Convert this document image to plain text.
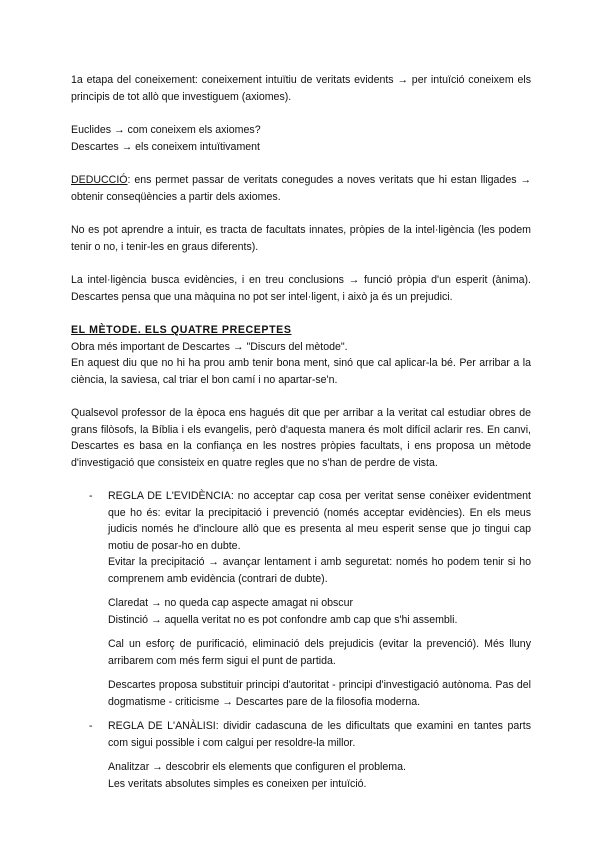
1a etapa del coneixement: coneixement intuïtiu de veritats evidents → per intuïció coneixem els principis de tot allò que investiguem (axiomes).

Euclides → com coneixem els axiomes?

Descartes → els coneixem intuïtivament

DEDUCCIÓ: ens permet passar de veritats conegudes a noves veritats que hi estan lligades → obtenir conseqüències a partir dels axiomes.

No es pot aprendre a intuir, es tracta de facultats innates, pròpies de la intel·ligència (les podem tenir o no, i tenir-les en graus diferents).

La intel·ligència busca evidències, i en treu conclusions → funció pròpia d'un esperit (ànima). Descartes pensa que una màquina no pot ser intel·ligent, i això ja és un prejudici.

EL MÈTODE. ELS QUATRE PRECEPTES

Obra més important de Descartes → "Discurs del mètode".

En aquest diu que no hi ha prou amb tenir bona ment, sinó que cal aplicar-la bé. Per arribar a la ciència, la saviesa, cal triar el bon camí i no apartar-se'n.

Qualsevol professor de la època ens hagués dit que per arribar a la veritat cal estudiar obres de grans filòsofs, la Bíblia i els evangelis, però d'aquesta manera és molt difícil aclarir res. En canvi, Descartes es basa en la confiança en les nostres pròpies facultats, i ens proposa un mètode d'investigació que consisteix en quatre regles que no s'han de perdre de vista.

- REGLA DE L'EVIDÈNCIA: no acceptar cap cosa per veritat sense conèixer evidentment que ho és: evitar la precipitació i prevenció (només acceptar evidències). En els meus judicis només he d'incloure allò que es presenta al meu esperit sense que jo tingui cap motiu de posar-ho en dubte.

Evitar la precipitació → avançar lentament i amb seguretat: només ho podem tenir si ho comprenem amb evidència (contrari de dubte).

Claredat → no queda cap aspecte amagat ni obscur

Distinció → aquella veritat no es pot confondre amb cap que s'hi assembli.

Cal un esforç de purificació, eliminació dels prejudicis (evitar la prevenció). Més lluny arribarem com més ferm sigui el punt de partida.

Descartes proposa substituir principi d'autoritat - principi d'investigació autònoma. Pas del dogmatisme - criticisme → Descartes pare de la filosofia moderna.

- REGLA DE L'ANÀLISI: dividir cadascuna de les dificultats que examini en tantes parts com sigui possible i com calgui per resoldre-la millor.

Analitzar → descobrir els elements que configuren el problema.

Les veritats absolutes simples es coneixen per intuïció.
